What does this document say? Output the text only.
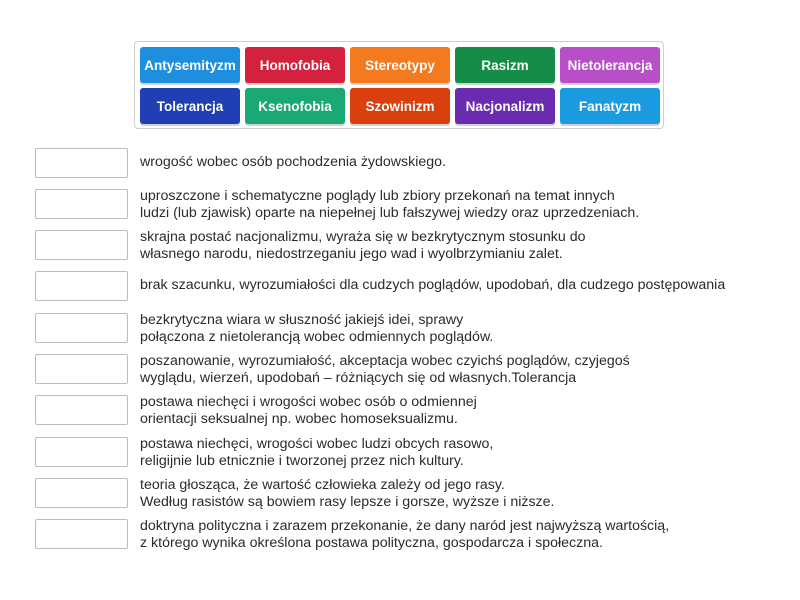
Antysemityzm	Homofobia	Stereotypy	Rasizm	Nietolerancja
Tolerancja	Ksenofobia	Szowinizm	Nacjonalizm	Fanatyzm
wrogość wobec osób pochodzenia żydowskiego.
uproszczone i schematyczne poglądy lub zbiory przekonań na temat innych
ludzi (lub zjawisk) oparte na niepełnej lub fałszywej wiedzy oraz uprzedzeniach.
skrajna postać nacjonalizmu, wyraża się w bezkrytycznym stosunku do
własnego narodu, niedostrzeganiu jego wad i wyolbrzymianiu zalet.
brak szacunku, wyrozumiałości dla cudzych poglądów, upodobań, dla cudzego postępowania
bezkrytyczna wiara w słuszność jakiejś idei, sprawy
połączona z nietolerancją wobec odmiennych poglądów.
poszanowanie, wyrozumiałość, akceptacja wobec czyichś poglądów, czyjegoś
wyglądu, wierzeń, upodobań – różniących się od własnych.Tolerancja
postawa niechęci i wrogości wobec osób o odmiennej
orientacji seksualnej np. wobec homoseksualizmu.
postawa niechęci, wrogości wobec ludzi obcych rasowo,
religijnie lub etnicznie i tworzonej przez nich kultury.
teoria głosząca, że wartość człowieka zależy od jego rasy.
Według rasistów są bowiem rasy lepsze i gorsze, wyższe i niższe.
doktryna polityczna i zarazem przekonanie, że dany naród jest najwyższą wartością,
z którego wynika określona postawa polityczna, gospodarcza i społeczna.
